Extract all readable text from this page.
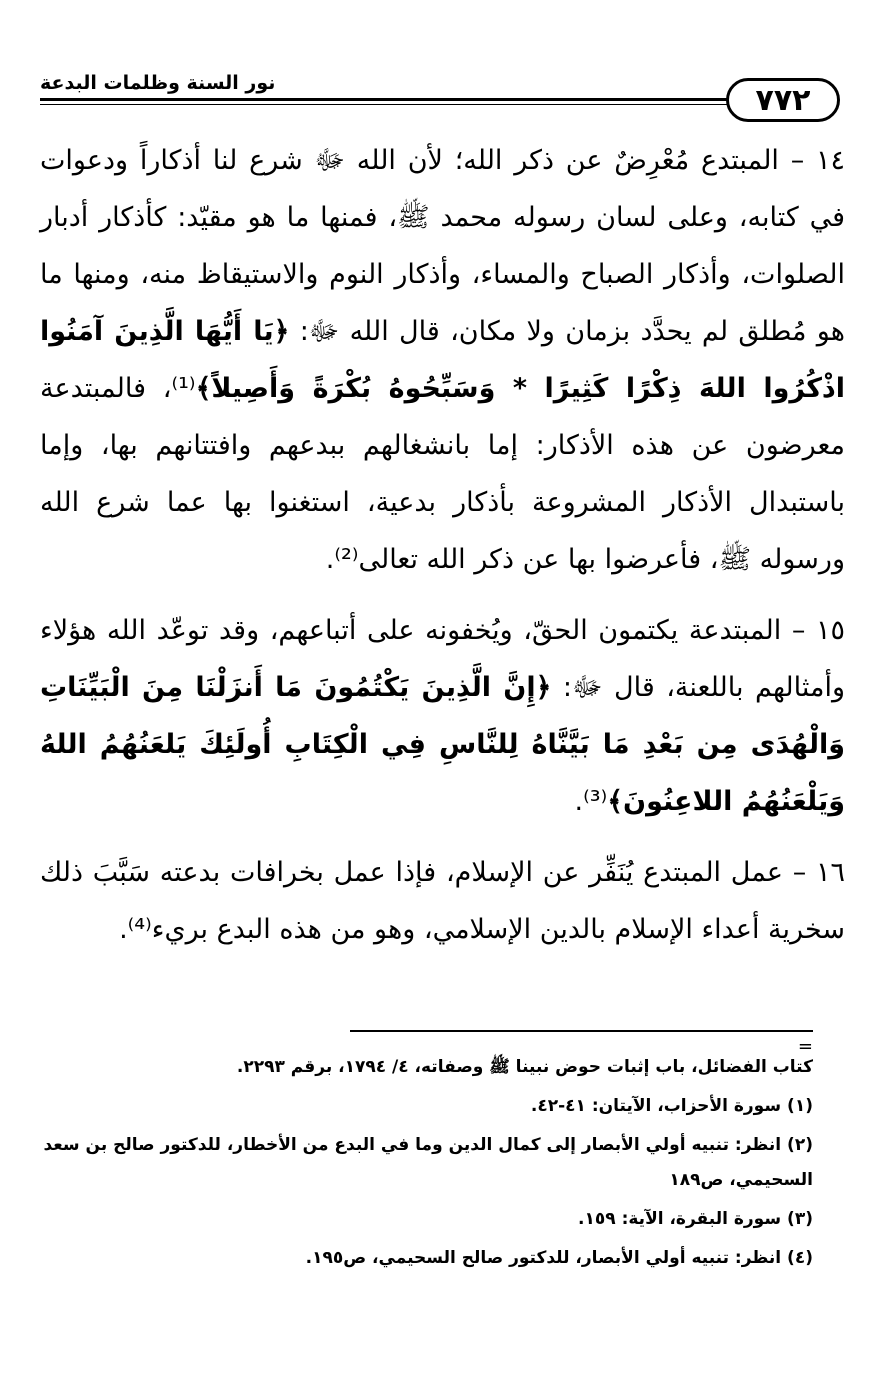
٧٧٢
نور السنة وظلمات البدعة

١٤ – المبتدع مُعْرِضٌ عن ذكر الله؛ لأن الله ﷻ شرع لنا أذكاراً ودعوات في كتابه، وعلى لسان رسوله محمد ﷺ، فمنها ما هو مقيّد: كأذكار أدبار الصلوات، وأذكار الصباح والمساء، وأذكار النوم والاستيقاظ منه، ومنها ما هو مُطلق لم يحدَّد بزمان ولا مكان، قال الله ﷻ: ﴿يَا أَيُّهَا الَّذِينَ آمَنُوا اذْكُرُوا اللهَ ذِكْرًا كَثِيرًا * وَسَبِّحُوهُ بُكْرَةً وَأَصِيلاً﴾⁽¹⁾، فالمبتدعة معرضون عن هذه الأذكار: إما بانشغالهم ببدعهم وافتتانهم بها، وإما باستبدال الأذكار المشروعة بأذكار بدعية، استغنوا بها عما شرع الله ورسوله ﷺ، فأعرضوا بها عن ذكر الله تعالى⁽²⁾.

١٥ – المبتدعة يكتمون الحقّ، ويُخفونه على أتباعهم، وقد توعّد الله هؤلاء وأمثالهم باللعنة، قال ﷻ: ﴿إِنَّ الَّذِينَ يَكْتُمُونَ مَا أَنزَلْنَا مِنَ الْبَيِّنَاتِ وَالْهُدَى مِن بَعْدِ مَا بَيَّنَّاهُ لِلنَّاسِ فِي الْكِتَابِ أُولَئِكَ يَلعَنُهُمُ اللهُ وَيَلْعَنُهُمُ اللاعِنُونَ﴾⁽³⁾.

١٦ – عمل المبتدع يُنَفِّر عن الإسلام، فإذا عمل بخرافات بدعته سَبَّبَ ذلك سخرية أعداء الإسلام بالدين الإسلامي، وهو من هذه البدع بريء⁽⁴⁾.

=

كتاب الفضائل، باب إثبات حوض نبينا ﷺ وصفاته، ٤/ ١٧٩٤، برقم ٢٢٩٣.

(١)سورة الأحزاب، الآيتان: ٤١-٤٢.

(٢)انظر: تنبيه أولي الأبصار إلى كمال الدين وما في البدع من الأخطار، للدكتور صالح بن سعد السحيمي، ص١٨٩

(٣)سورة البقرة، الآية: ١٥٩.

(٤)انظر: تنبيه أولي الأبصار، للدكتور صالح السحيمي، ص١٩٥.
